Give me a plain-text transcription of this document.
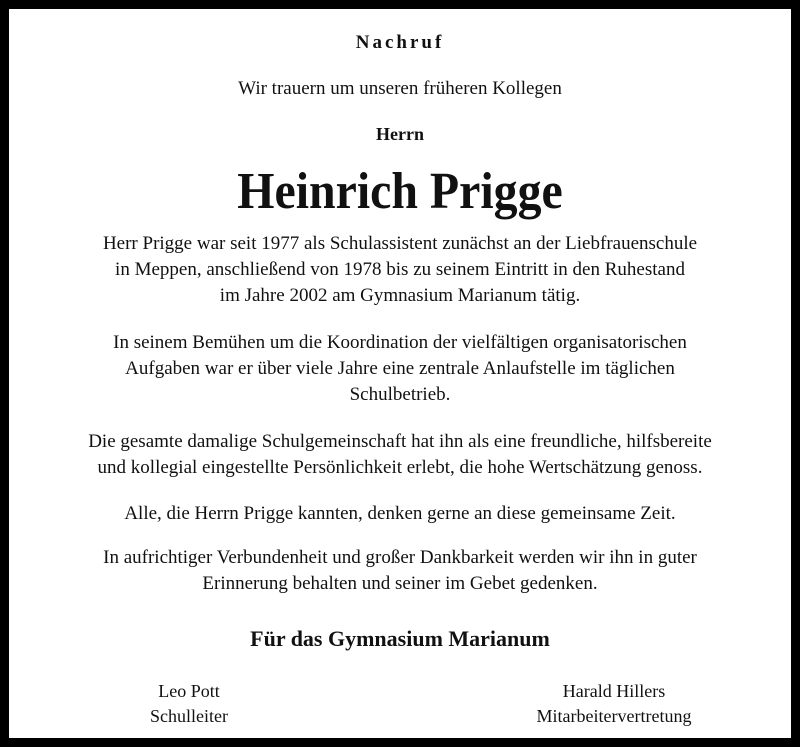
Nachruf
Wir trauern um unseren früheren Kollegen
Herrn
Heinrich Prigge
Herr Prigge war seit 1977 als Schulassistent zunächst an der Liebfrauenschule
in Meppen, anschließend von 1978 bis zu seinem Eintritt in den Ruhestand
im Jahre 2002 am Gymnasium Marianum tätig.
In seinem Bemühen um die Koordination der vielfältigen organisatorischen
Aufgaben war er über viele Jahre eine zentrale Anlaufstelle im täglichen
Schulbetrieb.
Die gesamte damalige Schulgemeinschaft hat ihn als eine freundliche, hilfsbereite
und kollegial eingestellte Persönlichkeit erlebt, die hohe Wertschätzung genoss.
Alle, die Herrn Prigge kannten, denken gerne an diese gemeinsame Zeit.
In aufrichtiger Verbundenheit und großer Dankbarkeit werden wir ihn in guter
Erinnerung behalten und seiner im Gebet gedenken.
Für das Gymnasium Marianum
Leo Pott
Schulleiter
Harald Hillers
Mitarbeitervertretung
